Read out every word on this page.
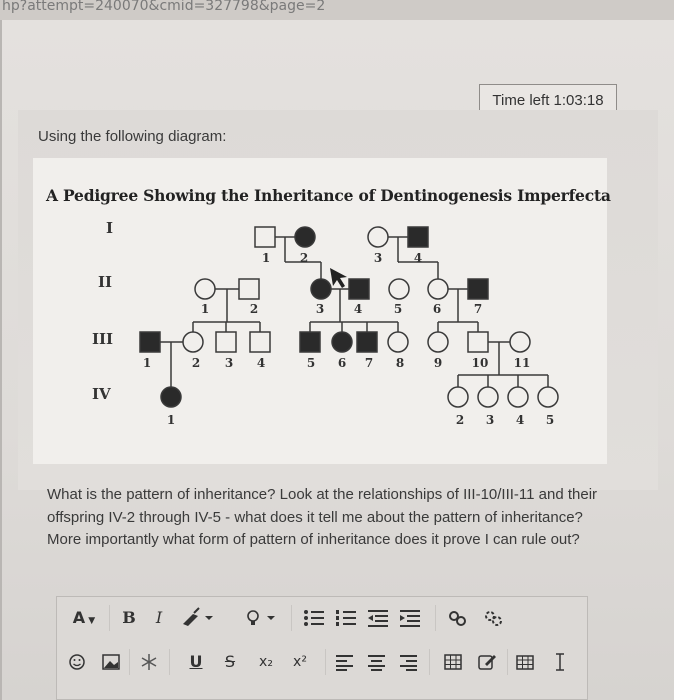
hp?attempt=240070&cmid=327798&page=2
Time left 1:03:18
Using the following diagram:
A Pedigree Showing the Inheritance of Dentinogenesis Imperfecta
I
II
III
IV
1 2	3	4
1	2	3 4	5	6	7
1	2 3 4	5 6 7 8 9 10 11
1	2 3 4 5
What is the pattern of inheritance? Look at the relationships of III-10/III-11 and their offspring IV-2 through IV-5 - what does it tell me about the pattern of inheritance? More importantly what form of pattern of inheritance does it prove I can rule out?
A ▼	B	I
U	S	x₂	x²
